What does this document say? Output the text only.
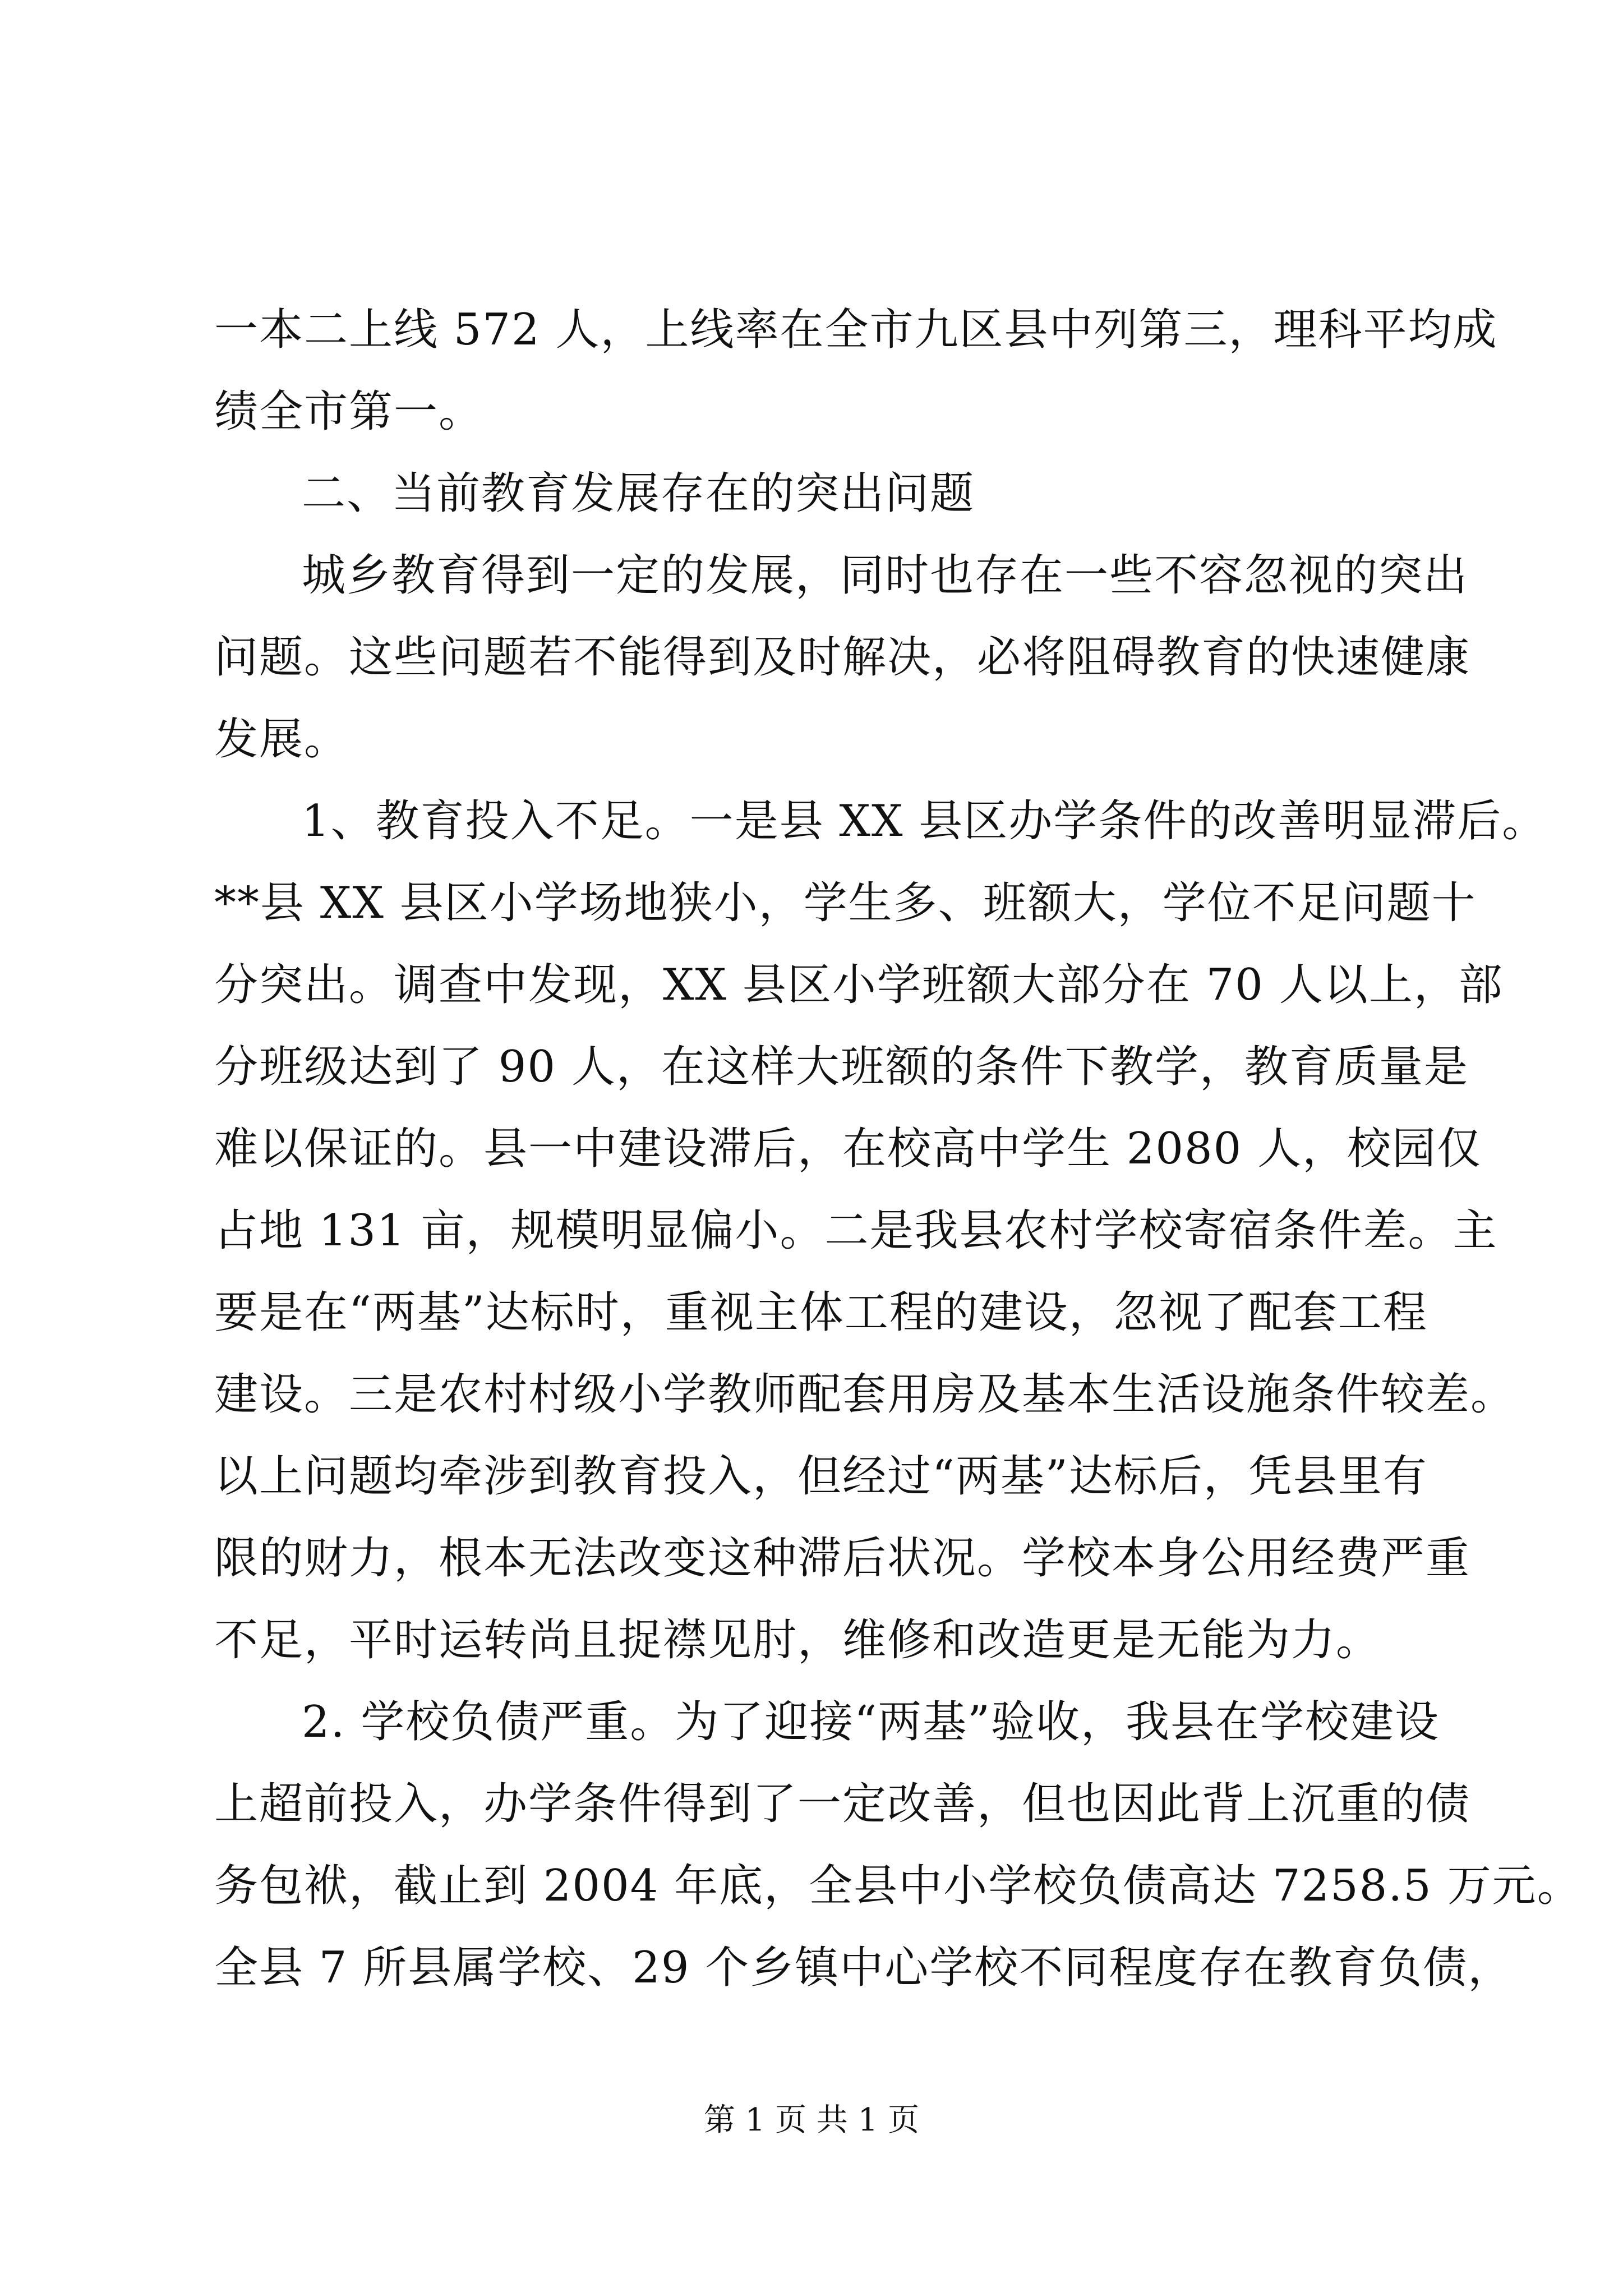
一本二上线 572 人，上线率在全市九区县中列第三，理科平均成
绩全市第一。

二、当前教育发展存在的突出问题

城乡教育得到一定的发展，同时也存在一些不容忽视的突出
问题。这些问题若不能得到及时解决，必将阻碍教育的快速健康
发展。

1、教育投入不足。一是县 XX 县区办学条件的改善明显滞后。
**县 XX 县区小学场地狭小，学生多、班额大，学位不足问题十
分突出。调查中发现，XX 县区小学班额大部分在 70 人以上，部
分班级达到了 90 人，在这样大班额的条件下教学，教育质量是
难以保证的。县一中建设滞后，在校高中学生 2080 人，校园仅
占地 131 亩，规模明显偏小。二是我县农村学校寄宿条件差。主
要是在“两基”达标时，重视主体工程的建设，忽视了配套工程
建设。三是农村村级小学教师配套用房及基本生活设施条件较差。
以上问题均牵涉到教育投入，但经过“两基”达标后，凭县里有
限的财力，根本无法改变这种滞后状况。学校本身公用经费严重
不足，平时运转尚且捉襟见肘，维修和改造更是无能为力。

2. 学校负债严重。为了迎接“两基”验收，我县在学校建设
上超前投入，办学条件得到了一定改善，但也因此背上沉重的债
务包袱，截止到 2004 年底，全县中小学校负债高达 7258.5 万元。
全县 7 所县属学校、29 个乡镇中心学校不同程度存在教育负债，

第 1 页 共 1 页
